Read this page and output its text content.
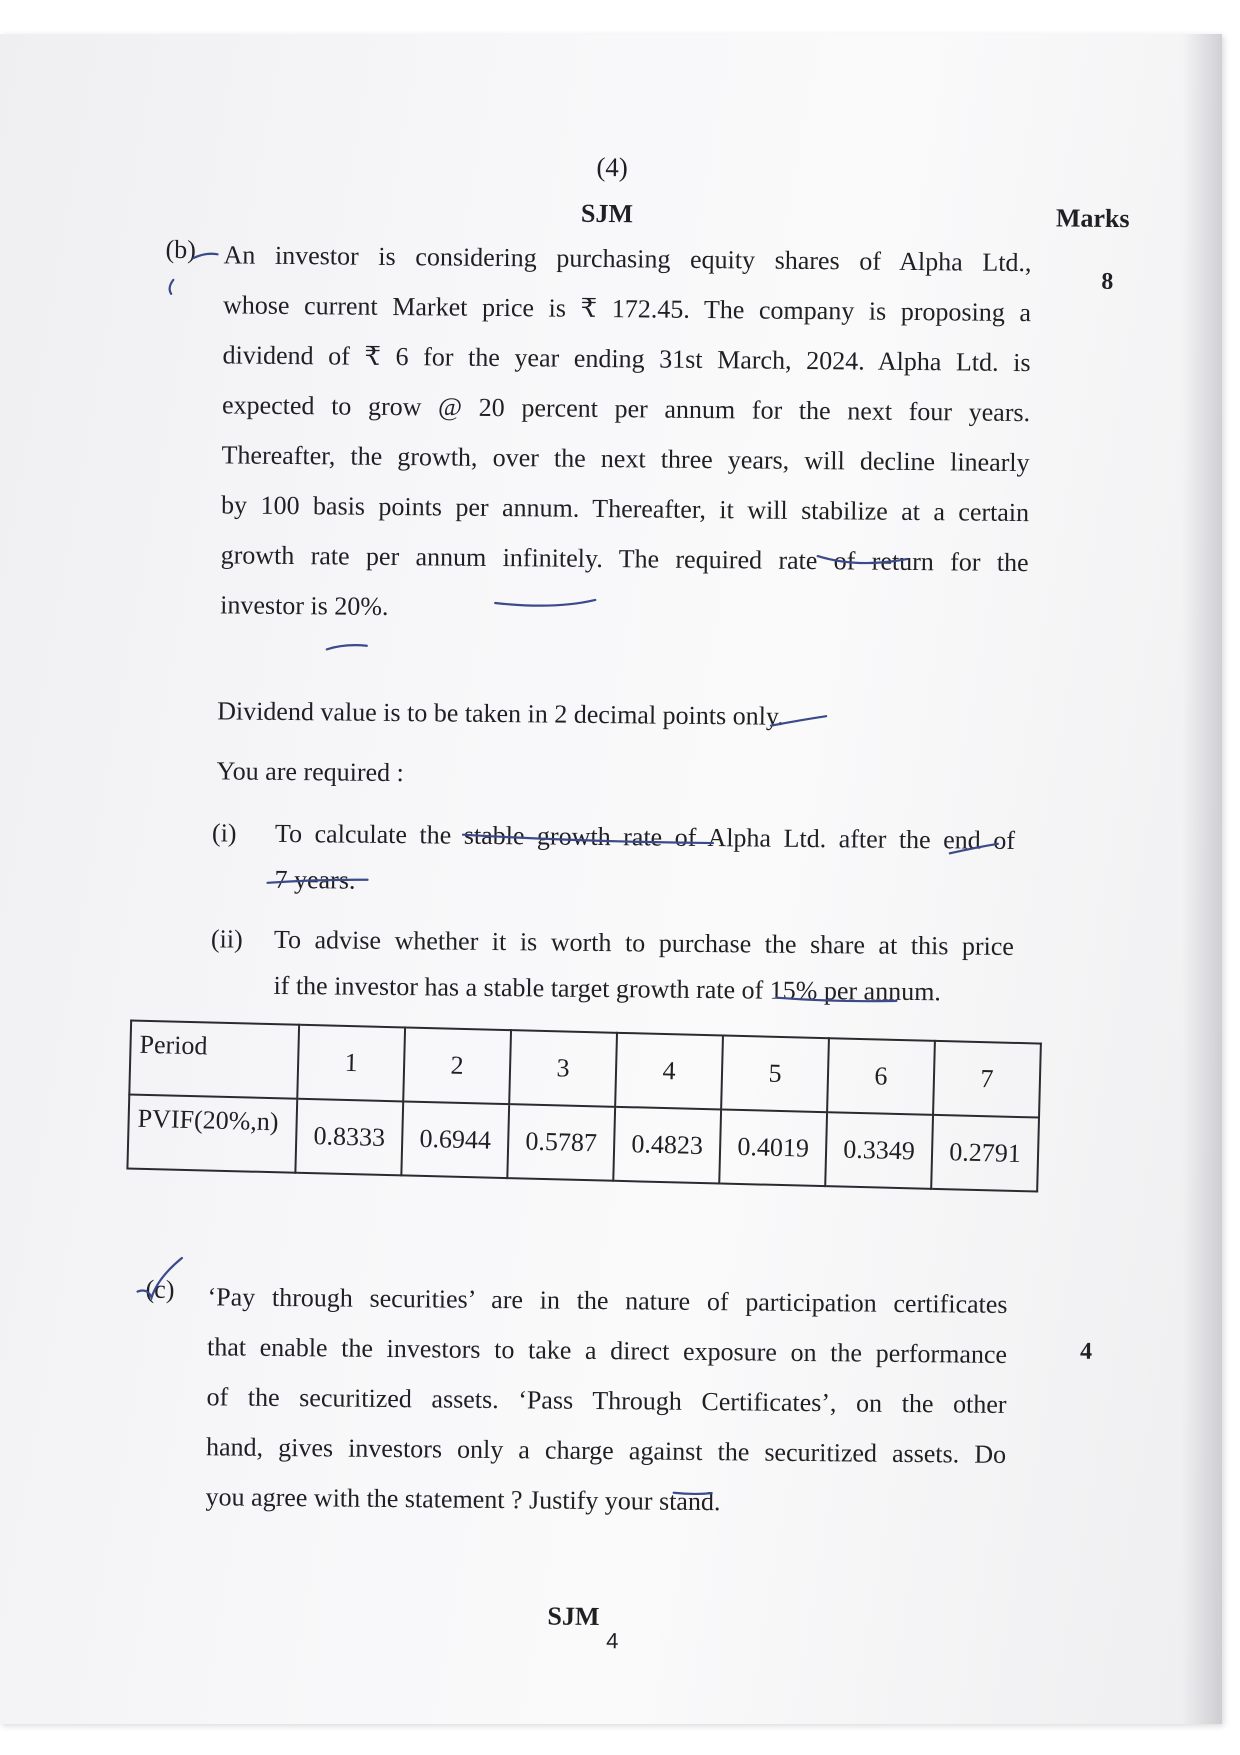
(4)
SJM	Marks
(b)
8
An investor is considering purchasing equity shares of Alpha Ltd.,
whose current Market price is ₹ 172.45. The company is proposing a
dividend of ₹ 6 for the year ending 31st March, 2024. Alpha Ltd. is
expected to grow @ 20 percent per annum for the next four years.
Thereafter, the growth, over the next three years, will decline linearly
by 100 basis points per annum. Thereafter, it will stabilize at a certain
growth rate per annum infinitely. The required rate of return for the
investor is 20%.
Dividend value is to be taken in 2 decimal points only.
You are required :
(i) To calculate the stable growth rate of Alpha Ltd. after the end of
7 years.
(ii) To advise whether it is worth to purchase the share at this price
if the investor has a stable target growth rate of 15% per annum.
Period	1	2	3	4	5	6	7
PVIF(20%,n)	0.8333	0.6944	0.5787	0.4823	0.4019	0.3349	0.2791
(c)
4
‘Pay through securities’ are in the nature of participation certificates
that enable the investors to take a direct exposure on the performance
of the securitized assets. ‘Pass Through Certificates’, on the other
hand, gives investors only a charge against the securitized assets. Do
you agree with the statement ? Justify your stand.
SJM
4
